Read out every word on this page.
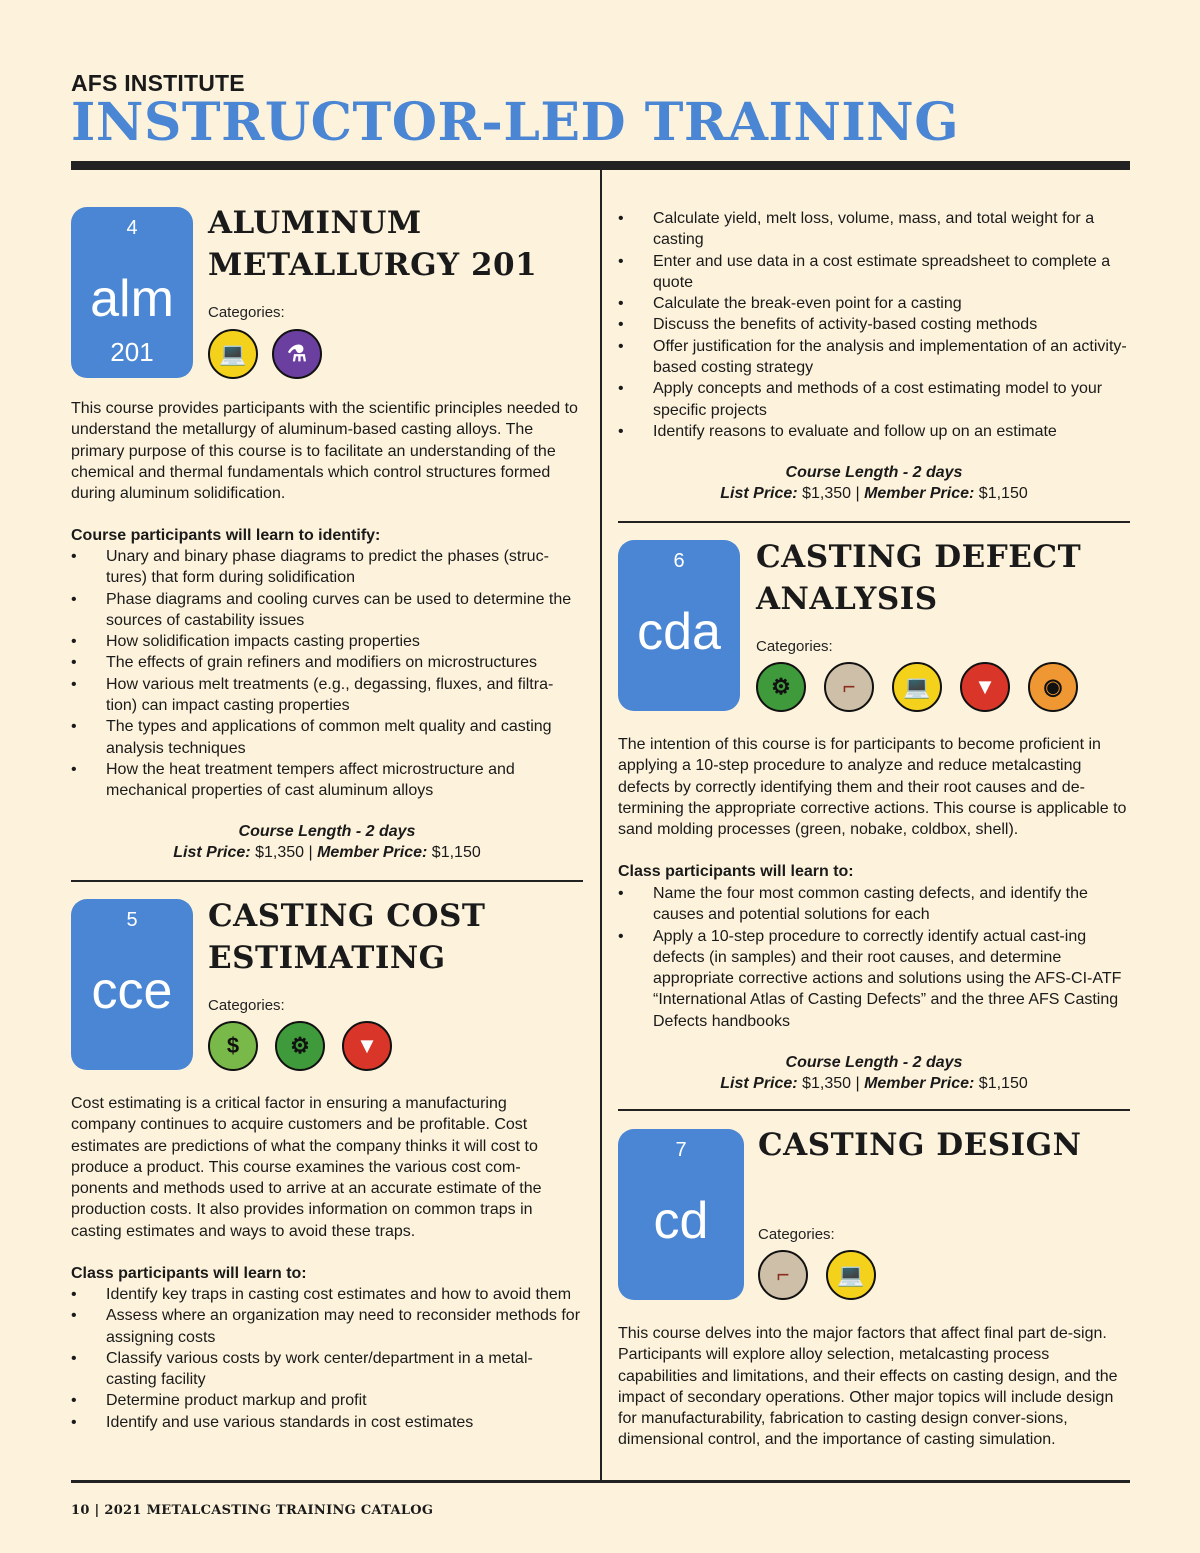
AFS INSTITUTE
INSTRUCTOR-LED TRAINING
4
alm
201
ALUMINUM
METALLURGY 201
Categories:
💻	⚗
This course provides participants with the scientific principles needed to understand the metallurgy of aluminum-based casting alloys. The primary purpose of this course is to facilitate an understanding of the chemical and thermal fundamentals which control structures formed during aluminum solidification.
Course participants will learn to identify:
• Unary and binary phase diagrams to predict the phases (struc-tures) that form during solidification
• Phase diagrams and cooling curves can be used to determine the sources of castability issues
• How solidification impacts casting properties
• The effects of grain refiners and modifiers on microstructures
• How various melt treatments (e.g., degassing, fluxes, and filtra-tion) can impact casting properties
• The types and applications of common melt quality and casting analysis techniques
• How the heat treatment tempers affect microstructure and mechanical properties of cast aluminum alloys
Course Length - 2 days
List Price: $1,350 | Member Price: $1,150
5
cce
CASTING COST
ESTIMATING
Categories:
$	⚙	▼
Cost estimating is a critical factor in ensuring a manufacturing company continues to acquire customers and be profitable. Cost estimates are predictions of what the company thinks it will cost to produce a product. This course examines the various cost com-ponents and methods used to arrive at an accurate estimate of the production costs. It also provides information on common traps in casting estimates and ways to avoid these traps.
Class participants will learn to:
• Identify key traps in casting cost estimates and how to avoid them
• Assess where an organization may need to reconsider methods for assigning costs
• Classify various costs by work center/department in a metal-casting facility
• Determine product markup and profit
• Identify and use various standards in cost estimates
• Calculate yield, melt loss, volume, mass, and total weight for a casting
• Enter and use data in a cost estimate spreadsheet to complete a quote
• Calculate the break-even point for a casting
• Discuss the benefits of activity-based costing methods
• Offer justification for the analysis and implementation of an activity-based costing strategy
• Apply concepts and methods of a cost estimating model to your specific projects
• Identify reasons to evaluate and follow up on an estimate
Course Length - 2 days
List Price: $1,350 | Member Price: $1,150
6
cda
CASTING DEFECT
ANALYSIS
Categories:
⚙	⌐	💻	▼	◉
The intention of this course is for participants to become proficient in applying a 10-step procedure to analyze and reduce metalcasting defects by correctly identifying them and their root causes and de-termining the appropriate corrective actions. This course is applicable to sand molding processes (green, nobake, coldbox, shell).
Class participants will learn to:
• Name the four most common casting defects, and identify the causes and potential solutions for each
• Apply a 10-step procedure to correctly identify actual cast-ing defects (in samples) and their root causes, and determine appropriate corrective actions and solutions using the AFS-CI-ATF “International Atlas of Casting Defects” and the three AFS Casting Defects handbooks
Course Length - 2 days
List Price: $1,350 | Member Price: $1,150
7
cd
CASTING DESIGN
Categories:
⌐	💻
This course delves into the major factors that affect final part de-sign. Participants will explore alloy selection, metalcasting process capabilities and limitations, and their effects on casting design, and the impact of secondary operations. Other major topics will include design for manufacturability, fabrication to casting design conver-sions, dimensional control, and the importance of casting simulation.
10 | 2021 METALCASTING TRAINING CATALOG
